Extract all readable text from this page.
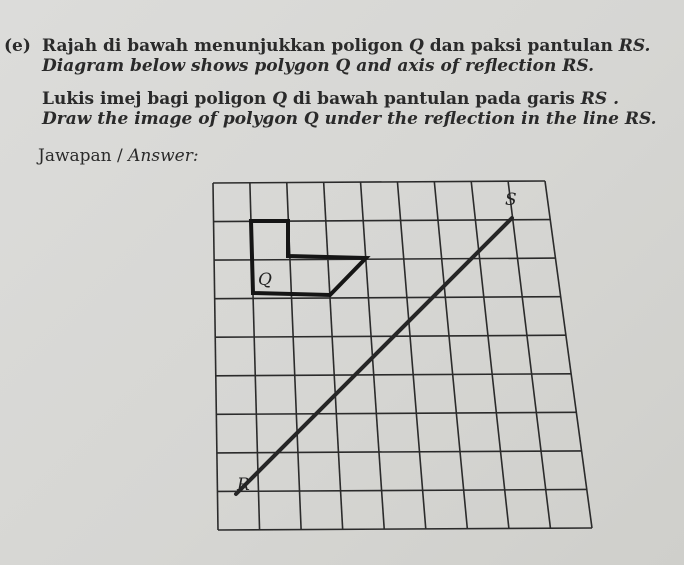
(e) Rajah di bawah menunjukkan poligon Q dan paksi pantulan RS.
Diagram below shows polygon Q and axis of reflection RS.
Lukis imej bagi poligon Q di bawah pantulan pada garis RS .
Draw the image of polygon Q under the reflection in the line RS.
Jawapan / Answer:
Q
S
R
